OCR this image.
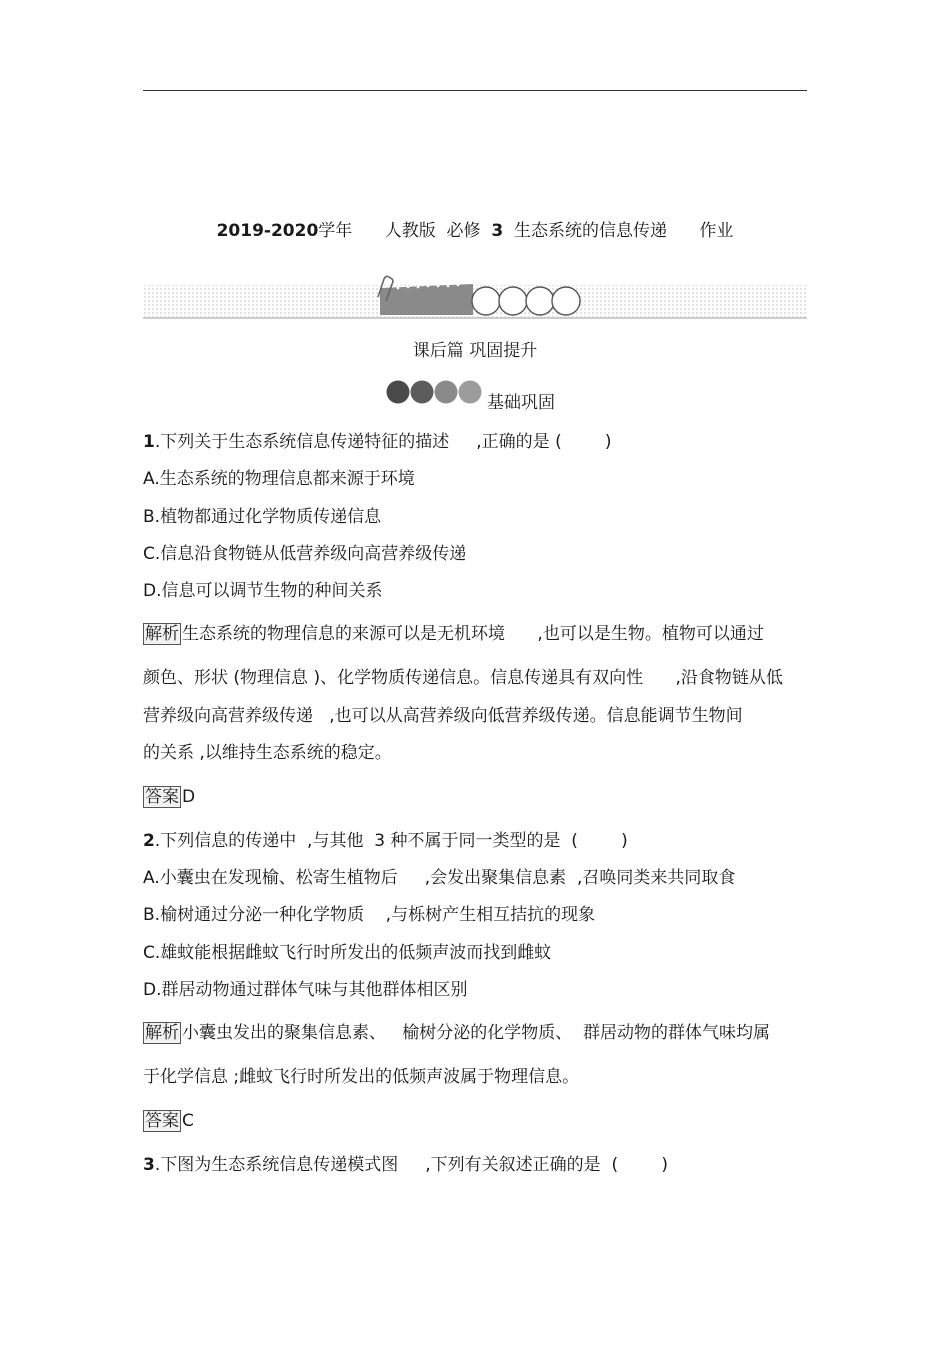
2019-2020学年      人教版  必修  3  生态系统的信息传递      作业
课后篇 巩固提升
基础巩固
1.下列关于生态系统信息传递特征的描述     ,正确的是 (        )
A.生态系统的物理信息都来源于环境
B.植物都通过化学物质传递信息
C.信息沿食物链从低营养级向高营养级传递
D.信息可以调节生物的种间关系
解析 生态系统的物理信息的来源可以是无机环境      ,也可以是生物。植物可以通过
颜色、形状 (物理信息 )、化学物质传递信息。信息传递具有双向性      ,沿食物链从低
营养级向高营养级传递   ,也可以从高营养级向低营养级传递。信息能调节生物间
的关系 ,以维持生态系统的稳定。
答案 D
2.下列信息的传递中  ,与其他  3 种不属于同一类型的是  (        )
A.小囊虫在发现榆、松寄生植物后     ,会发出聚集信息素  ,召唤同类来共同取食
B.榆树通过分泌一种化学物质    ,与栎树产生相互拮抗的现象
C.雄蚊能根据雌蚊飞行时所发出的低频声波而找到雌蚊
D.群居动物通过群体气味与其他群体相区别
解析 小囊虫发出的聚集信息素、   榆树分泌的化学物质、  群居动物的群体气味均属
于化学信息 ;雌蚊飞行时所发出的低频声波属于物理信息。
答案 C
3.下图为生态系统信息传递模式图     ,下列有关叙述正确的是  (        )
